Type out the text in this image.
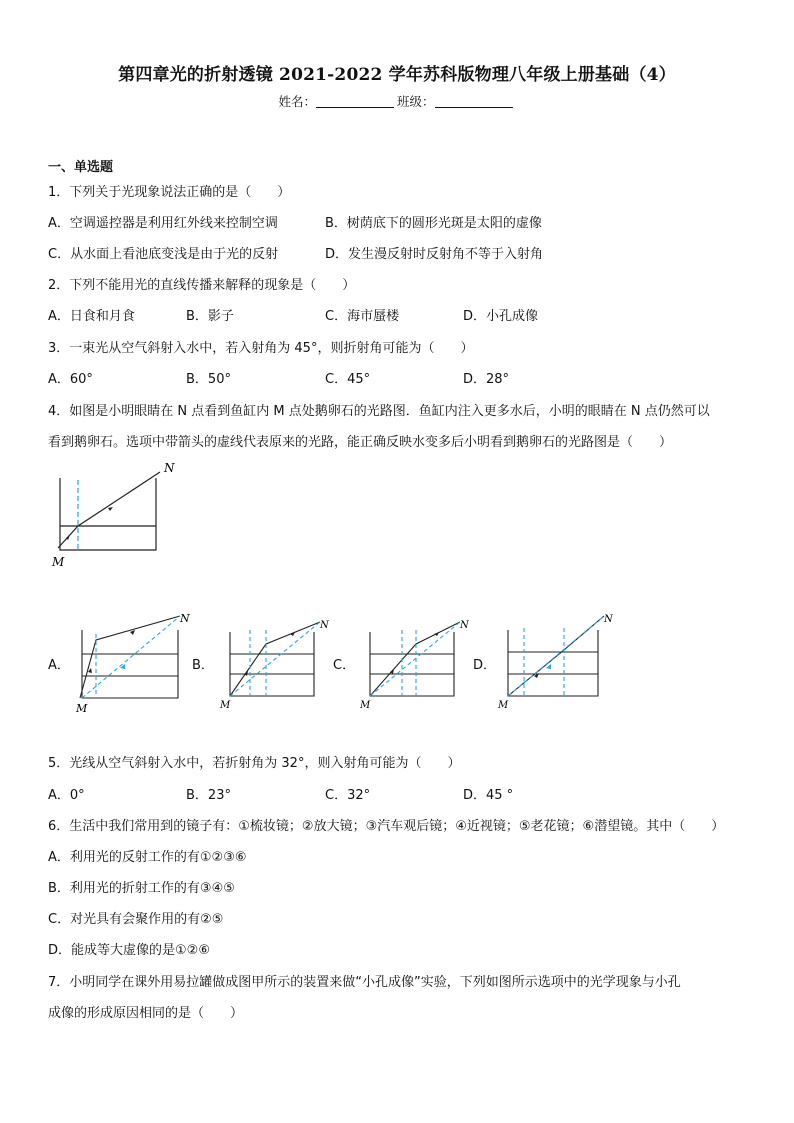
第四章光的折射透镜 2021-2022 学年苏科版物理八年级上册基础（4）
姓名：	班级：
一、单选题
1．下列关于光现象说法正确的是（　　）
A．空调遥控器是利用红外线来控制空调	B．树荫底下的圆形光斑是太阳的虚像
C．从水面上看池底变浅是由于光的反射	D．发生漫反射时反射角不等于入射角
2．下列不能用光的直线传播来解释的现象是（　　）
A．日食和月食	B．影子	C．海市蜃楼	D．小孔成像
3．一束光从空气斜射入水中，若入射角为 45°，则折射角可能为（　　）
A．60°	B．50°	C．45°	D．28°
4．如图是小明眼睛在 N 点看到鱼缸内 M 点处鹅卵石的光路图．鱼缸内注入更多水后，小明的眼睛在 N 点仍然可以
看到鹅卵石。选项中带箭头的虚线代表原来的光路，能正确反映水变多后小明看到鹅卵石的光路图是（　　）
N
M
A．
N
M
B．
N
M
C．
N
M
D．
N
M
5．光线从空气斜射入水中，若折射角为 32°，则入射角可能为（　　）
A．0°	B．23°	C．32°	D．45 °
6．生活中我们常用到的镜子有：①梳妆镜；②放大镜；③汽车观后镜；④近视镜；⑤老花镜；⑥潜望镜。其中（　　）
A．利用光的反射工作的有①②③⑥
B．利用光的折射工作的有③④⑤
C．对光具有会聚作用的有②⑤
D．能成等大虚像的是①②⑥
7．小明同学在课外用易拉罐做成图甲所示的装置来做“小孔成像”实验，下列如图所示选项中的光学现象与小孔
成像的形成原因相同的是（　　）
